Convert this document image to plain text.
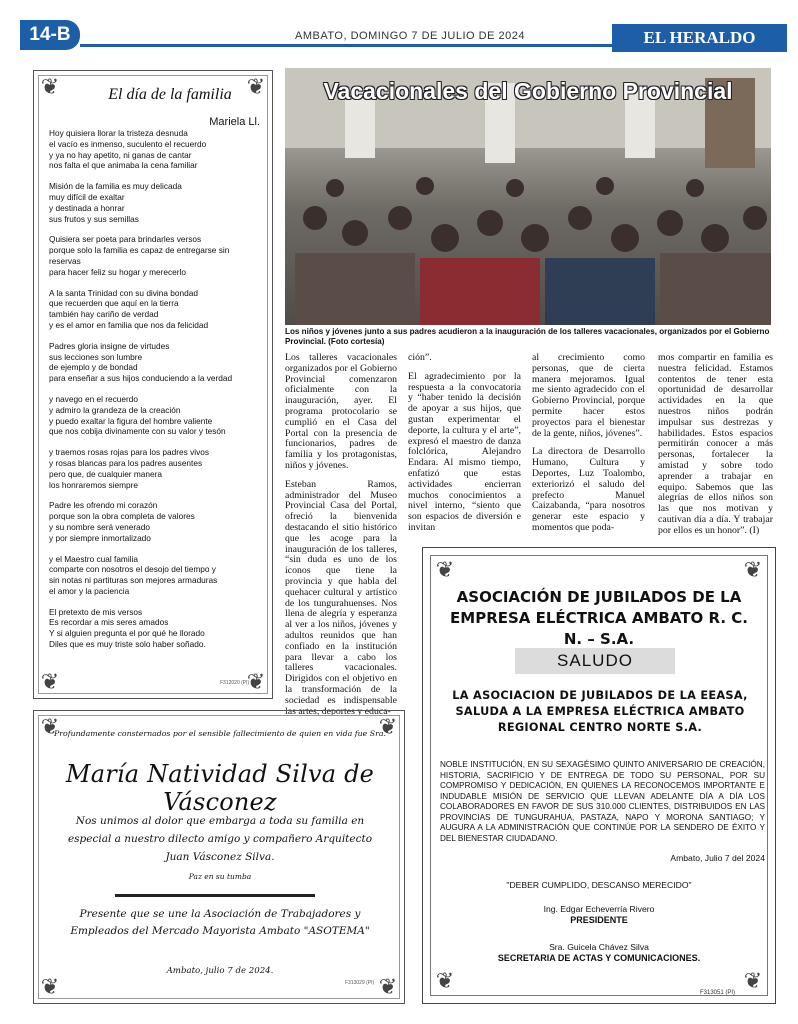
14-B	AMBATO, DOMINGO 7 DE JULIO DE 2024	EL HERALDO
❦	❦
❦	❦
El día de la familia
Mariela Ll.

Hoy quisiera llorar la tristeza desnuda
el vacío es inmenso, suculento el recuerdo
y ya no hay apetito, ni ganas de cantar
nos falta el que animaba la cena familiar

Misión de la familia es muy delicada
muy difícil de exaltar
y destinada a honrar
sus frutos y sus semillas

Quisiera ser poeta para brindarles versos
porque solo la familia es capaz de entregarse sin
reservas
para hacer feliz su hogar y merecerlo

A la santa Trinidad con su divina bondad
que recuerden que aquí en la tierra
también hay cariño de verdad
y es el amor en familia que nos da felicidad

Padres gloria insigne de virtudes
sus lecciones son lumbre
de ejemplo y de bondad
para enseñar a sus hijos conduciendo a la verdad

y navego en el recuerdo
y admiro la grandeza de la creación
y puedo exaltar la figura del hombre valiente
que nos cobija divinamente con su valor y tesón

y traemos rosas rojas para los padres vivos
y rosas blancas para los padres ausentes
pero que, de cualquier manera
los honraremos siempre

Padre les ofrendo mi corazón
porque son la obra completa de valores
y su nombre será venerado
y por siempre inmortalizado

y el Maestro cual familia
comparte con nosotros el desojo del tiempo y
sin notas ni partituras son mejores armaduras
el amor y la paciencia

El pretexto de mis versos
Es recordar a mis seres amados
Y si alguien pregunta el por qué he llorado
Diles que es muy triste solo haber soñado.

F312020 (PI)
Vacacionales del Gobierno Provincial
Los niños y jóvenes junto a sus padres acudieron a la inauguración de los talleres vacacionales, organizados por el Gobierno Provincial. (Foto cortesía)

Los talleres vacacionales organizados por el Gobierno Provincial comenzaron oficialmente con la inauguración, ayer. El programa protocolario se cumplió en el Casa del Portal con la presencia de funcionarios, padres de familia y los protagonistas, niños y jóvenes.

Esteban Ramos, administrador del Museo Provincial Casa del Portal, ofreció la bienvenida destacando el sitio histórico que les acoge para la inauguración de los talleres, “sin duda es uno de los íconos que tiene la provincia y que habla del quehacer cultural y artístico de los tungurahuenses. Nos llena de alegría y esperanza al ver a los niños, jóvenes y adultos reunidos que han confiado en la institución para llevar a cabo los talleres vacacionales. Dirigidos con el objetivo en la transformación de la sociedad es indispensable las artes, deportes y educa-

ción”.

El agradecimiento por la respuesta a la convocatoria y “haber tenido la decisión de apoyar a sus hijos, que gustan experimentar el deporte, la cultura y el arte”, expresó el maestro de danza folclórica, Alejandro Endara. Al mismo tiempo, enfatizó que estas actividades encierran muchos conocimientos a nivel interno, “siento que son espacios de diversión e invitan

al crecimiento como personas, que de cierta manera mejoramos. Igual me siento agradecido con el Gobierno Provincial, porque permite hacer estos proyectos para el bienestar de la gente, niños, jóvenes”.

La directora de Desarrollo Humano, Cultura y Deportes, Luz Toalombo, exteriorizó el saludo del prefecto Manuel Caizabanda, “para nosotros generar este espacio y momentos que poda-

mos compartir en familia es nuestra felicidad. Estamos contentos de tener esta oportunidad de desarrollar actividades en la que nuestros niños podrán impulsar sus destrezas y habilidades. Estos espacios permitirán conocer a más personas, fortalecer la amistad y sobre todo aprender a trabajar en equipo. Sabemos que las alegrías de ellos niños son las que nos motivan y cautivan día a día. Y trabajar por ellos es un honor”. (I)

❦	❦
❦	❦
ASOCIACIÓN DE JUBILADOS DE LA EMPRESA ELÉCTRICA AMBATO R. C. N. – S.A.
SALUDO
LA ASOCIACION DE JUBILADOS DE LA EEASA, SALUDA A LA EMPRESA ELÉCTRICA AMBATO REGIONAL CENTRO NORTE S.A.
NOBLE INSTITUCIÓN, EN SU SEXAGÉSIMO QUINTO ANIVERSARIO DE CREACIÓN, HISTORIA, SACRIFICIO Y DE ENTREGA DE TODO SU PERSONAL, POR SU COMPROMISO Y DEDICACIÓN, EN QUIENES LA RECONOCEMOS IMPORTANTE E INDUDABLE MISIÓN DE SERVICIO QUE LLEVAN ADELANTE DÍA A DÍA LOS COLABORADORES EN FAVOR DE SUS 310.000 CLIENTES, DISTRIBUIDOS EN LAS PROVINCIAS DE TUNGURAHUA, PASTAZA, NAPO Y MORONA SANTIAGO; Y AUGURA A LA ADMINISTRACIÓN QUE CONTINÚE POR LA SENDERO DE ÉXITO Y DEL BIENESTAR CIUDADANO.
Ambato, Julio 7 del 2024
"DEBER CUMPLIDO, DESCANSO MERECIDO"
Ing. Edgar Echeverría Rivero
PRESIDENTE
Sra. Guicela Chávez Silva
SECRETARIA DE ACTAS Y COMUNICACIONES.
F313051 (PI)
❦	❦
❦	❦
Profundamente consternados por el sensible fallecimiento de quien en vida fue Sra.
María Natividad Silva de Vásconez
Nos unimos al dolor que embarga a toda su familia en especial a nuestro dilecto amigo y compañero Arquitecto Juan Vásconez Silva.
Paz en su tumba
Presente que se une la Asociación de Trabajadores y Empleados del Mercado Mayorista Ambato "ASOTEMA"
Ambato, julio 7 de 2024.
F313029 (PI)
